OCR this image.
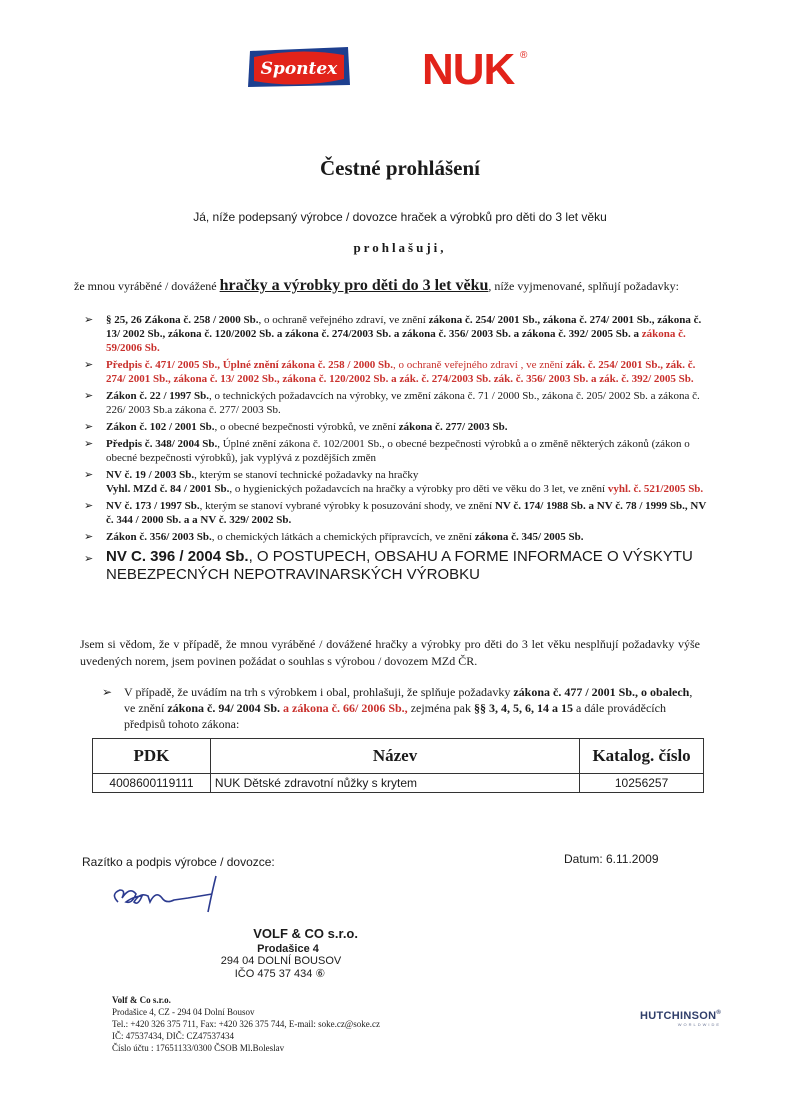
Spontex NUK ®
Čestné prohlášení
Já, níže podepsaný výrobce / dovozce hraček a výrobků pro děti do 3 let věku
prohlašuji,
že mnou vyráběné / dovážené hračky a výrobky pro děti do 3 let věku, níže vyjmenované, splňují požadavky:
➢ § 25, 26 Zákona č. 258 / 2000 Sb., o ochraně veřejného zdraví, ve znění zákona č. 254/ 2001 Sb., zákona č. 274/ 2001 Sb., zákona č. 13/ 2002 Sb., zákona č. 120/2002 Sb. a zákona č. 274/2003 Sb. a zákona č. 356/ 2003 Sb. a zákona č. 392/ 2005 Sb. a zákona č. 59/2006 Sb.
➢ Předpis č. 471/ 2005 Sb., Úplné znění zákona č. 258 / 2000 Sb., o ochraně veřejného zdraví , ve znění zák. č. 254/ 2001 Sb., zák. č. 274/ 2001 Sb., zákona č. 13/ 2002 Sb., zákona č. 120/2002 Sb. a zák. č. 274/2003 Sb. zák. č. 356/ 2003 Sb. a zák. č. 392/ 2005 Sb.
➢ Zákon č. 22 / 1997 Sb., o technických požadavcích na výrobky, ve změní zákona č. 71 / 2000 Sb., zákona č. 205/ 2002 Sb. a zákona č. 226/ 2003 Sb.a zákona č. 277/ 2003 Sb.
➢ Zákon č. 102 / 2001 Sb., o obecné bezpečnosti výrobků, ve znění zákona č. 277/ 2003 Sb.
➢ Předpis č. 348/ 2004 Sb., Úplné znění zákona č. 102/2001 Sb., o obecné bezpečnosti výrobků a o změně některých zákonů (zákon o obecné bezpečnosti výrobků), jak vyplývá z pozdějších změn
➢ NV č. 19 / 2003 Sb., kterým se stanoví technické požadavky na hračky
Vyhl. MZd č. 84 / 2001 Sb., o hygienických požadavcích na hračky a výrobky pro děti ve věku do 3 let, ve znění vyhl. č. 521/2005 Sb.
➢ NV č. 173 / 1997 Sb., kterým se stanoví vybrané výrobky k posuzování shody, ve znění NV č. 174/ 1988 Sb. a NV č. 78 / 1999 Sb., NV č. 344 / 2000 Sb. a a NV č. 329/ 2002 Sb.
➢ Zákon č. 356/ 2003 Sb., o chemických látkách a chemických přípravcích, ve znění zákona č. 345/ 2005 Sb.
➢ NV C. 396 / 2004 Sb., O POSTUPECH, OBSAHU A FORME INFORMACE O VÝSKYTU NEBEZPECNÝCH NEPOTRAVINARSKÝCH VÝROBKU
Jsem si vědom, že v případě, že mnou vyráběné / dovážené hračky a výrobky pro děti do 3 let věku nesplňují požadavky výše uvedených norem, jsem povinen požádat o souhlas s výrobou / dovozem MZd ČR.
➢ V případě, že uvádím na trh s výrobkem i obal, prohlašuji, že splňuje požadavky zákona č. 477 / 2001 Sb., o obalech, ve znění zákona č. 94/ 2004 Sb. a zákona č. 66/ 2006 Sb., zejména pak §§ 3, 4, 5, 6, 14 a 15 a dále prováděcích předpisů tohoto zákona:
PDK	Název	Katalog. číslo
4008600119111	NUK Dětské zdravotní nůžky s krytem	10256257
Razítko a podpis výrobce / dovozce:	Datum: 6.11.2009
VOLF & CO s.r.o.
Prodašice 4
294 04 DOLNÍ BOUSOV
IČO 475 37 434 ⑥
Volf & Co s.r.o.
Prodašice 4, CZ - 294 04 Dolní Bousov
Tel.: +420 326 375 711, Fax: +420 326 375 744, E-mail: soke.cz@soke.cz
IČ: 47537434, DIČ: CZ47537434
Číslo účtu : 17651133/0300 ČSOB Ml.Boleslav
HUTCHINSON®
WORLDWIDE
